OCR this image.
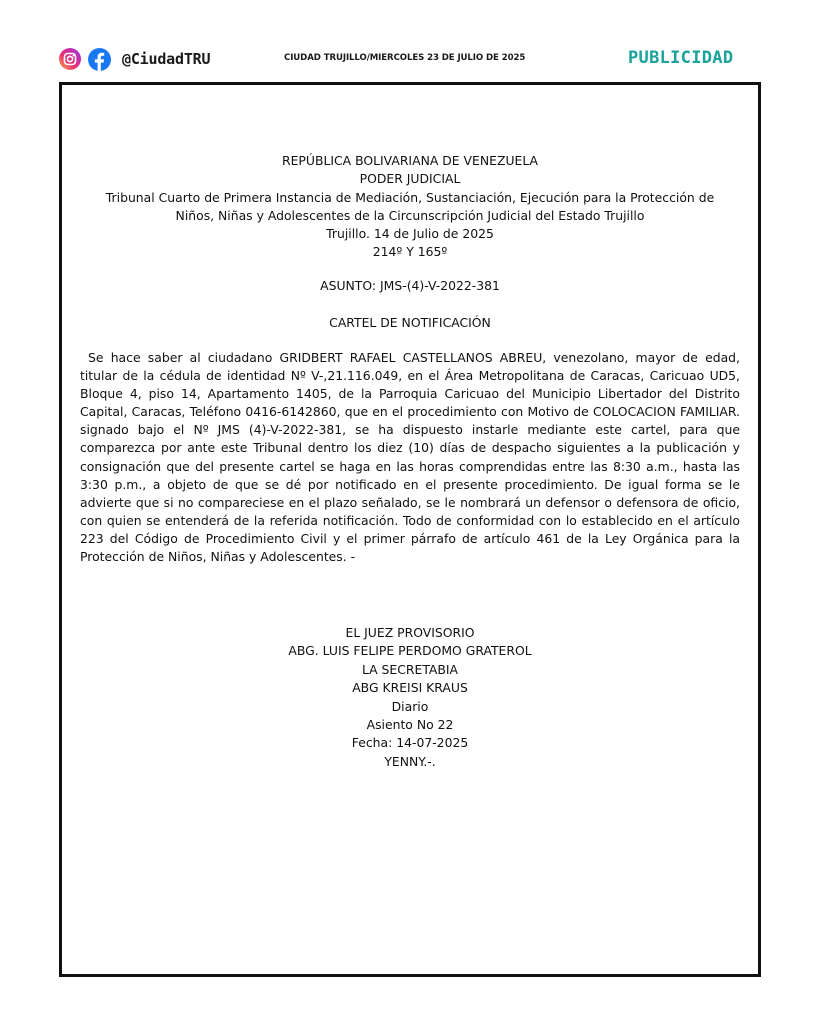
@CiudadTRU	CIUDAD TRUJILLO/MIERCOLES 23 DE JULIO DE 2025	PUBLICIDAD
REPÚBLICA BOLIVARIANA DE VENEZUELA
PODER JUDICIAL
Tribunal Cuarto de Primera Instancia de Mediación, Sustanciación, Ejecución para la Protección de
Niños, Niñas y Adolescentes de la Circunscripción Judicial del Estado Trujillo
Trujillo. 14 de Julio de 2025
214º Y 165º
ASUNTO: JMS-(4)-V-2022-381
CARTEL DE NOTIFICACIÓN
Se hace saber al ciudadano GRIDBERT RAFAEL CASTELLANOS ABREU, venezolano, mayor de edad, titular de la cédula de identidad Nº V-,21.116.049, en el Área Metropolitana de Caracas, Caricuao UD5, Bloque 4, piso 14, Apartamento 1405, de la Parroquia Caricuao del Municipio Libertador del Distrito Capital, Caracas, Teléfono 0416-6142860, que en el procedimiento con Motivo de COLOCACION FAMILIAR. signado bajo el Nº JMS (4)-V-2022-381, se ha dispuesto instarle mediante este cartel, para que comparezca por ante este Tribunal dentro los diez (10) días de despacho siguientes a la publicación y consignación que del presente cartel se haga en las horas comprendidas entre las 8:30 a.m., hasta las 3:30 p.m., a objeto de que se dé por notificado en el presente procedimiento. De igual forma se le advierte que si no compareciese en el plazo señalado, se le nombrará un defensor o defensora de oficio, con quien se entenderá de la referida notificación. Todo de conformidad con lo establecido en el artículo 223 del Código de Procedimiento Civil y el primer párrafo de artículo 461 de la Ley Orgánica para la Protección de Niños, Niñas y Adolescentes. -
EL JUEZ PROVISORIO
ABG. LUIS FELIPE PERDOMO GRATEROL
LA SECRETABIA
ABG KREISI KRAUS
Diario
Asiento No 22
Fecha: 14-07-2025
YENNY.-.
